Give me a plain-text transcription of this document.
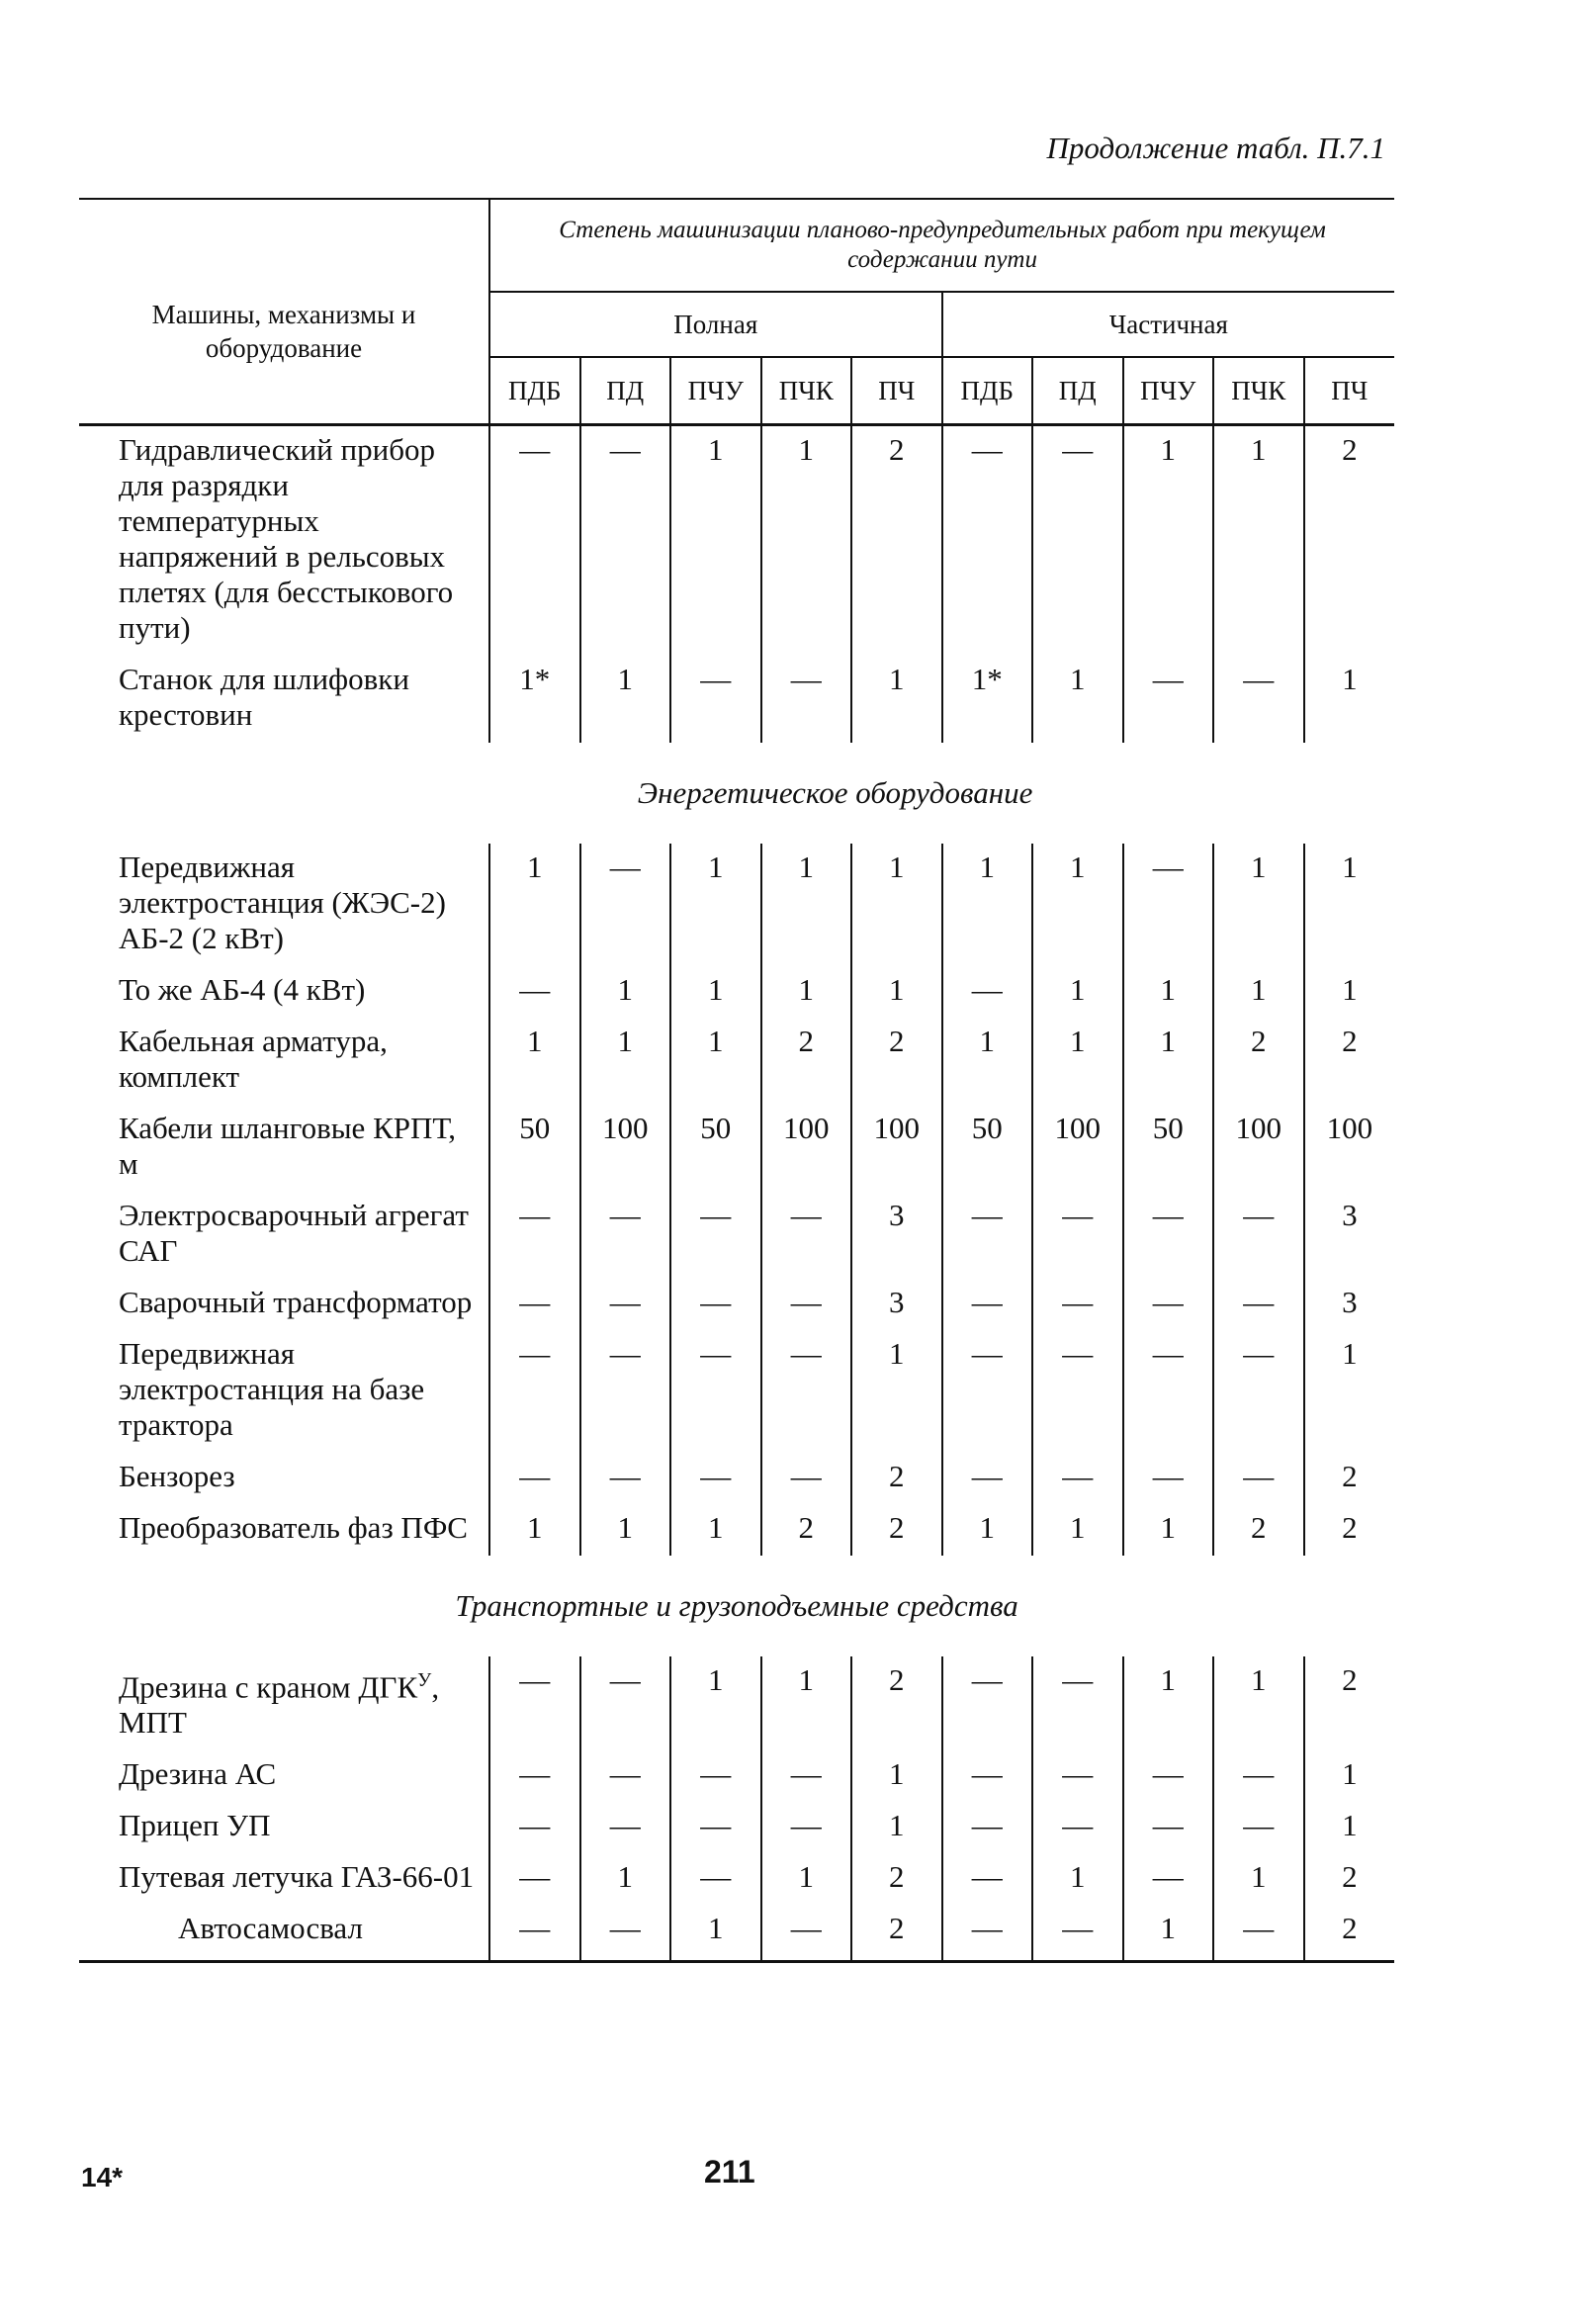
Продолжение табл. П.7.1
Машины, механизмы и оборудование	Степень машинизации планово-предупредительных работ при текущем содержании пути									
	Полная					Частичная				
	ПДБ	ПД	ПЧУ	ПЧК	ПЧ	ПДБ	ПД	ПЧУ	ПЧК	ПЧ
Гидравлический прибор для разрядки температурных напряжений в рельсовых плетях (для бесстыкового пути)	—	—	1	1	2	—	—	1	1	2
Станок для шлифовки крестовин	1*	1	—	—	1	1*	1	—	—	1
Энергетическое оборудование										
Передвижная электростанция (ЖЭС-2) АБ-2 (2 кВт)	1	—	1	1	1	1	1	—	1	1
То же АБ-4 (4 кВт)	—	1	1	1	1	—	1	1	1	1
Кабельная арматура, комплект	1	1	1	2	2	1	1	1	2	2
Кабели шланговые КРПТ, м	50	100	50	100	100	50	100	50	100	100
Электросварочный агрегат САГ	—	—	—	—	3	—	—	—	—	3
Сварочный трансформатор	—	—	—	—	3	—	—	—	—	3
Передвижная электростанция на базе трактора	—	—	—	—	1	—	—	—	—	1
Бензорез	—	—	—	—	2	—	—	—	—	2
Преобразователь фаз ПФС	1	1	1	2	2	1	1	1	2	2
Транспортные и грузоподъемные средства										
Дрезина с краном $ДГК^У$, МПТ	—	—	1	1	2	—	—	1	1	2
Дрезина АС	—	—	—	—	1	—	—	—	—	1
Прицеп УП	—	—	—	—	1	—	—	—	—	1
Путевая летучка ГАЗ-66-01	—	1	—	1	2	—	1	—	1	2
Автосамосвал	—	—	1	—	2	—	—	1	—	2
14*	211
